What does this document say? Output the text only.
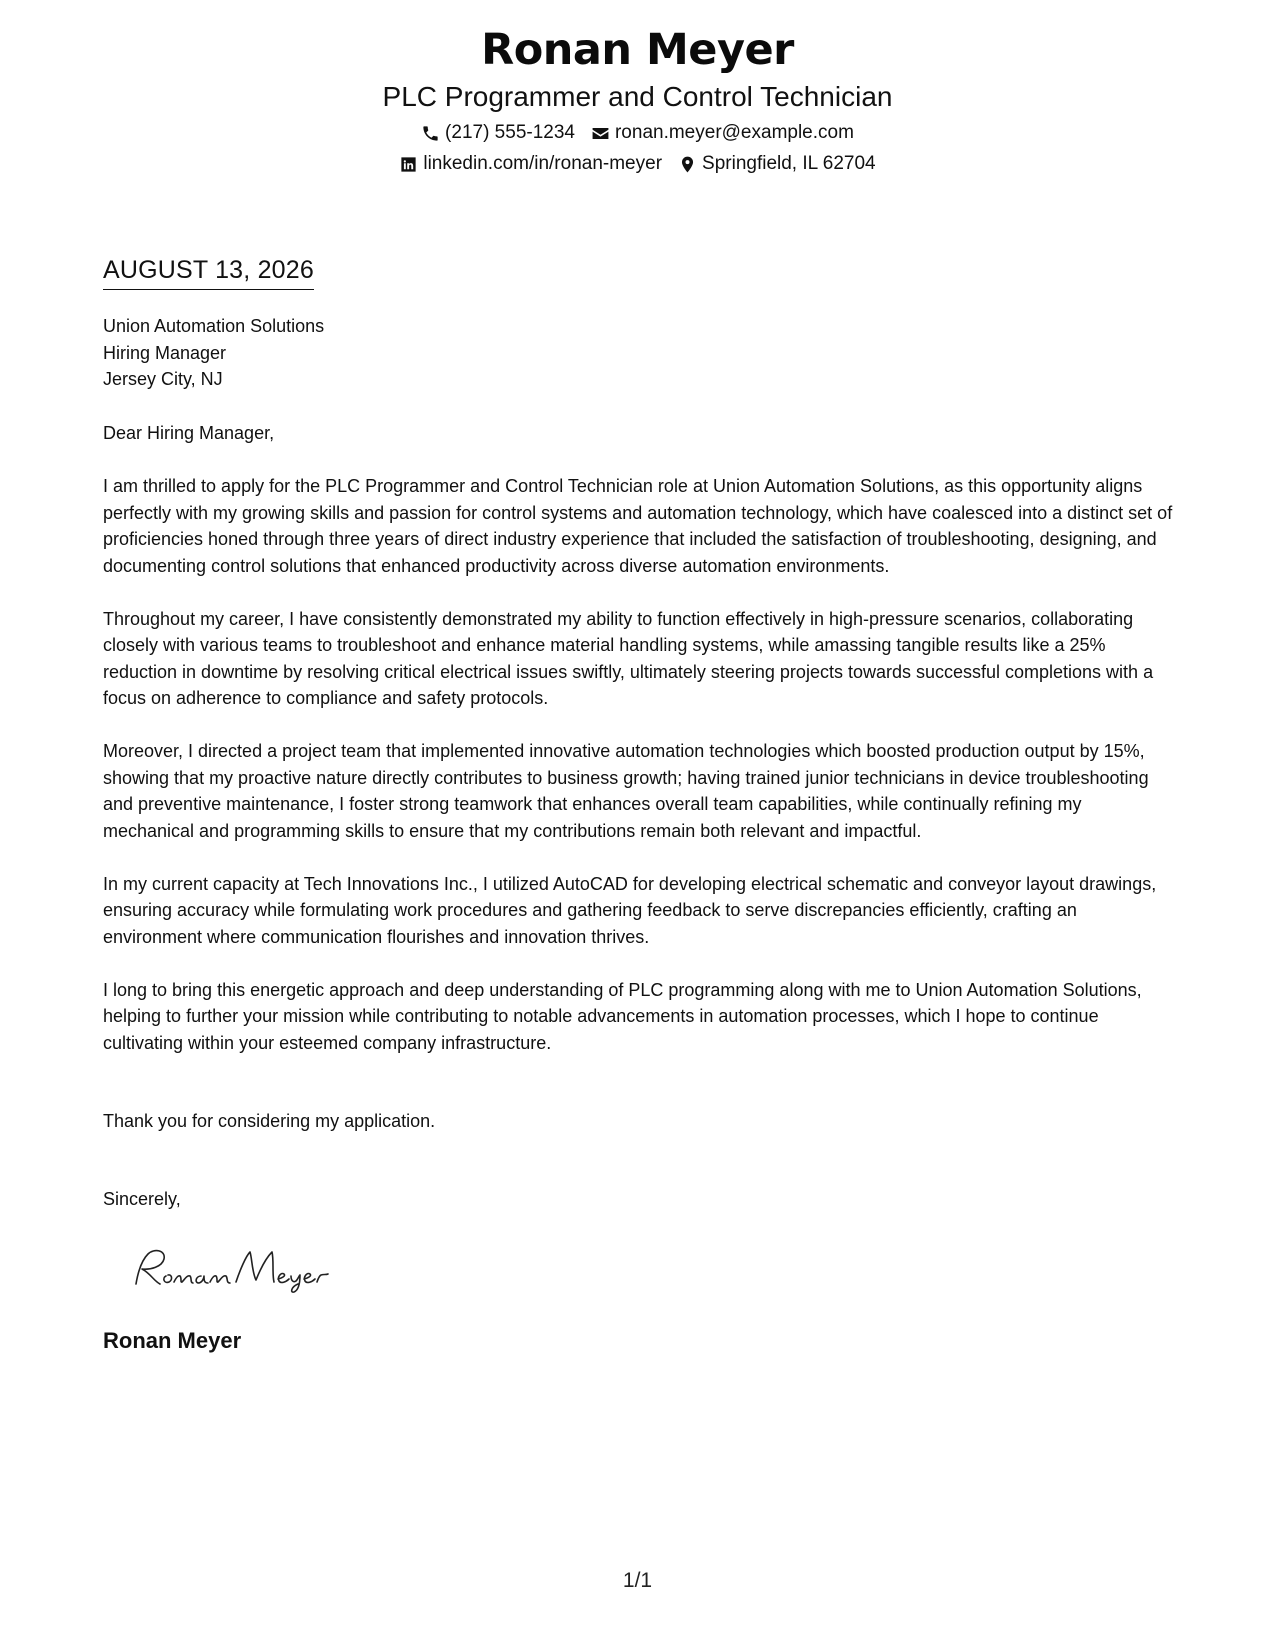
Ronan Meyer
PLC Programmer and Control Technician
(217) 555-1234 ronan.meyer@example.com
linkedin.com/in/ronan-meyer Springfield, IL 62704
AUGUST 13, 2026
Union Automation Solutions
Hiring Manager
Jersey City, NJ
Dear Hiring Manager,

I am thrilled to apply for the PLC Programmer and Control Technician role at Union Automation Solutions, as this opportunity aligns perfectly with my growing skills and passion for control systems and automation technology, which have coalesced into a distinct set of proficiencies honed through three years of direct industry experience that included the satisfaction of troubleshooting, designing, and documenting control solutions that enhanced productivity across diverse automation environments.

Throughout my career, I have consistently demonstrated my ability to function effectively in high-pressure scenarios, collaborating closely with various teams to troubleshoot and enhance material handling systems, while amassing tangible results like a 25% reduction in downtime by resolving critical electrical issues swiftly, ultimately steering projects towards successful completions with a focus on adherence to compliance and safety protocols.

Moreover, I directed a project team that implemented innovative automation technologies which boosted production output by 15%, showing that my proactive nature directly contributes to business growth; having trained junior technicians in device troubleshooting and preventive maintenance, I foster strong teamwork that enhances overall team capabilities, while continually refining my mechanical and programming skills to ensure that my contributions remain both relevant and impactful.

In my current capacity at Tech Innovations Inc., I utilized AutoCAD for developing electrical schematic and conveyor layout drawings, ensuring accuracy while formulating work procedures and gathering feedback to serve discrepancies efficiently, crafting an environment where communication flourishes and innovation thrives.

I long to bring this energetic approach and deep understanding of PLC programming along with me to Union Automation Solutions, helping to further your mission while contributing to notable advancements in automation processes, which I hope to continue cultivating within your esteemed company infrastructure.

Thank you for considering my application.
Sincerely,
Ronan Meyer
1/1
